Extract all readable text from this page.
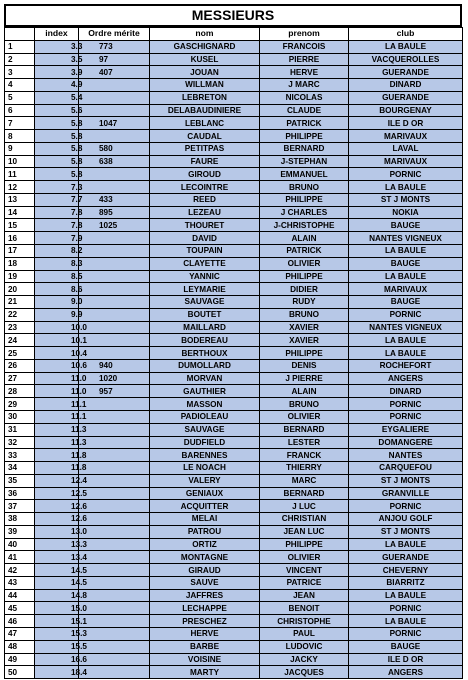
MESSIEURS
	index	Ordre mérite	nom	prenom	club
1	3.3	773	GASCHIGNARD	FRANCOIS	LA BAULE
2	3.5	97	KUSEL	PIERRE	VACQUEROLLES
3	3.9	407	JOUAN	HERVE	GUERANDE
4	4.9		WILLMAN	J MARC	DINARD
5	5.4		LEBRETON	NICOLAS	GUERANDE
6	5.6		DELABAUDINIERE	CLAUDE	BOURGENAY
7	5.8	1047	LEBLANC	PATRICK	ILE D OR
8	5.8		CAUDAL	PHILIPPE	MARIVAUX
9	5.8	580	PETITPAS	BERNARD	LAVAL
10	5.8	638	FAURE	J-STEPHAN	MARIVAUX
11	5.8		GIROUD	EMMANUEL	PORNIC
12	7.3		LECOINTRE	BRUNO	LA BAULE
13	7.7	433	REED	PHILIPPE	ST J MONTS
14	7.8	895	LEZEAU	J CHARLES	NOKIA
15	7.8	1025	THOURET	J-CHRISTOPHE	BAUGE
16	7.9		DAVID	ALAIN	NANTES VIGNEUX
17	8.2		TOUPAIN	PATRICK	LA BAULE
18	8.3		CLAYETTE	OLIVIER	BAUGE
19	8.5		YANNIC	PHILIPPE	LA BAULE
20	8.6		LEYMARIE	DIDIER	MARIVAUX
21	9.0		SAUVAGE	RUDY	BAUGE
22	9.9		BOUTET	BRUNO	PORNIC
23	10.0		MAILLARD	XAVIER	NANTES VIGNEUX
24	10.1		BODEREAU	XAVIER	LA BAULE
25	10.4		BERTHOUX	PHILIPPE	LA BAULE
26	10.6	940	DUMOLLARD	DENIS	ROCHEFORT
27	11.0	1020	MORVAN	J PIERRE	ANGERS
28	11.0	957	GAUTHIER	ALAIN	DINARD
29	11.1		MASSON	BRUNO	PORNIC
30	11.1		PADIOLEAU	OLIVIER	PORNIC
31	11.3		SAUVAGE	BERNARD	EYGALIERE
32	11.3		DUDFIELD	LESTER	DOMANGERE
33	11.8		BARENNES	FRANCK	NANTES
34	11.8		LE NOACH	THIERRY	CARQUEFOU
35	12.4		VALERY	MARC	ST J MONTS
36	12.5		GENIAUX	BERNARD	GRANVILLE
37	12.6		ACQUITTER	J LUC	PORNIC
38	12.6		MELAI	CHRISTIAN	ANJOU GOLF
39	13.0		PATROU	JEAN LUC	ST J MONTS
40	13.3		ORTIZ	PHILIPPE	LA BAULE
41	13.4		MONTAGNE	OLIVIER	GUERANDE
42	14.5		GIRAUD	VINCENT	CHEVERNY
43	14.5		SAUVE	PATRICE	BIARRITZ
44	14.8		JAFFRES	JEAN	LA BAULE
45	15.0		LECHAPPE	BENOIT	PORNIC
46	15.1		PRESCHEZ	CHRISTOPHE	LA BAULE
47	15.3		HERVE	PAUL	PORNIC
48	15.5		BARBE	LUDOVIC	BAUGE
49	16.6		VOISINE	JACKY	ILE D OR
50	18.4		MARTY	JACQUES	ANGERS
